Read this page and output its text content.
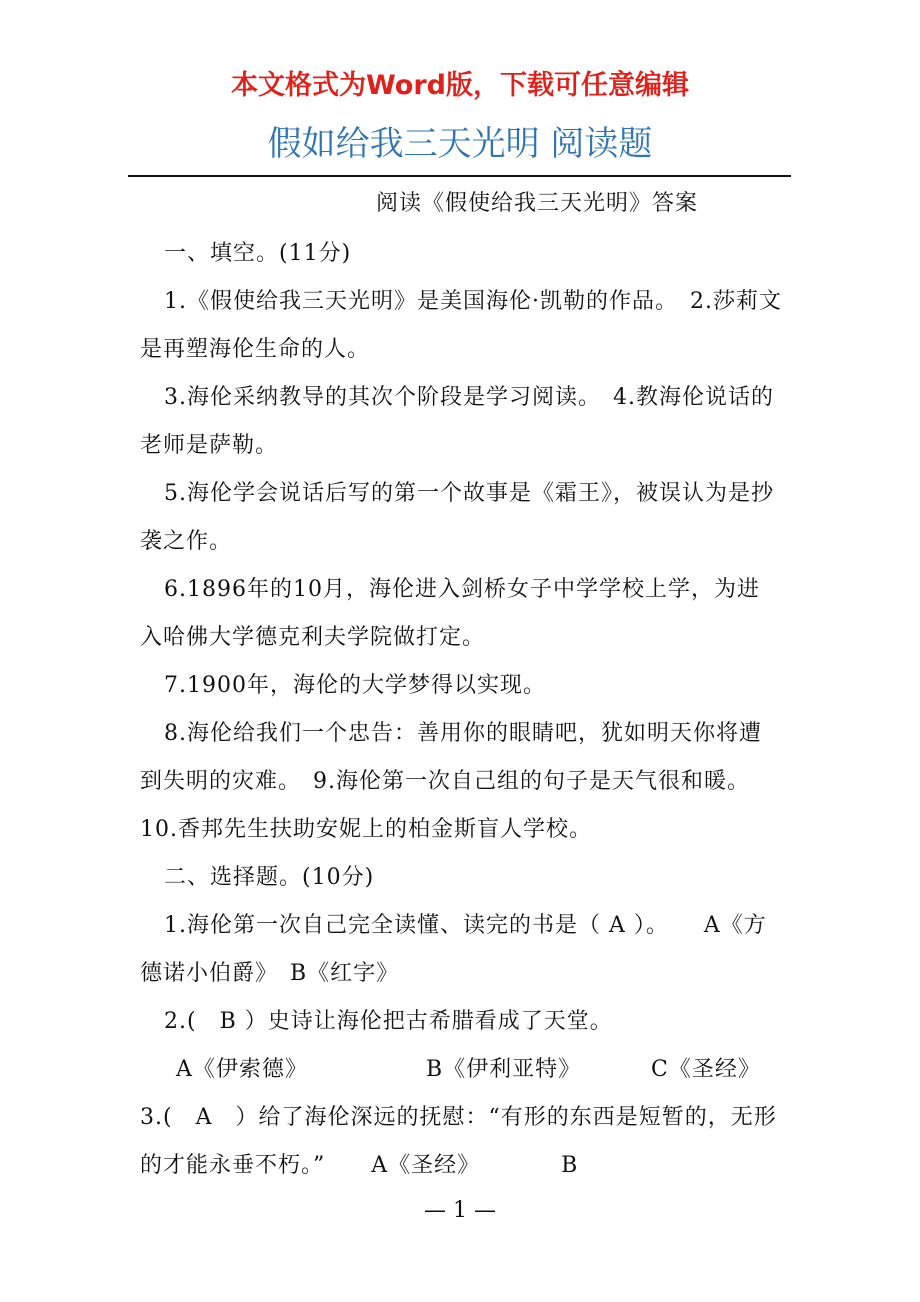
本文格式为Word版，下载可任意编辑
假如给我三天光明 阅读题
阅读《假使给我三天光明》答案

一、填空。(11分)

1.《假使给我三天光明》是美国海伦·凯勒的作品。　2.莎莉文是再塑海伦生命的人。

3.海伦采纳教导的其次个阶段是学习阅读。　4.教海伦说话的老师是萨勒。

5.海伦学会说话后写的第一个故事是《霜王》，被误认为是抄袭之作。

6.1896年的10月，海伦进入剑桥女子中学学校上学，为进入哈佛大学德克利夫学院做打定。

7.1900年，海伦的大学梦得以实现。

8.海伦给我们一个忠告：善用你的眼睛吧，犹如明天你将遭到失明的灾难。　9.海伦第一次自己组的句子是天气很和暖。　10.香邦先生扶助安妮上的柏金斯盲人学校。

二、选择题。(10分)

1.海伦第一次自己完全读懂、读完的书是（ A ）。　　A《方德诺小伯爵》　B《红字》

2.(　B ）史诗让海伦把古希腊看成了天堂。

A《伊索德》	B《伊利亚特》	C《圣经》

3.(　A　）给了海伦深远的抚慰：“有形的东西是短暂的，无形的才能永垂不朽。”　　A《圣经》　　　　B

— 1 —
